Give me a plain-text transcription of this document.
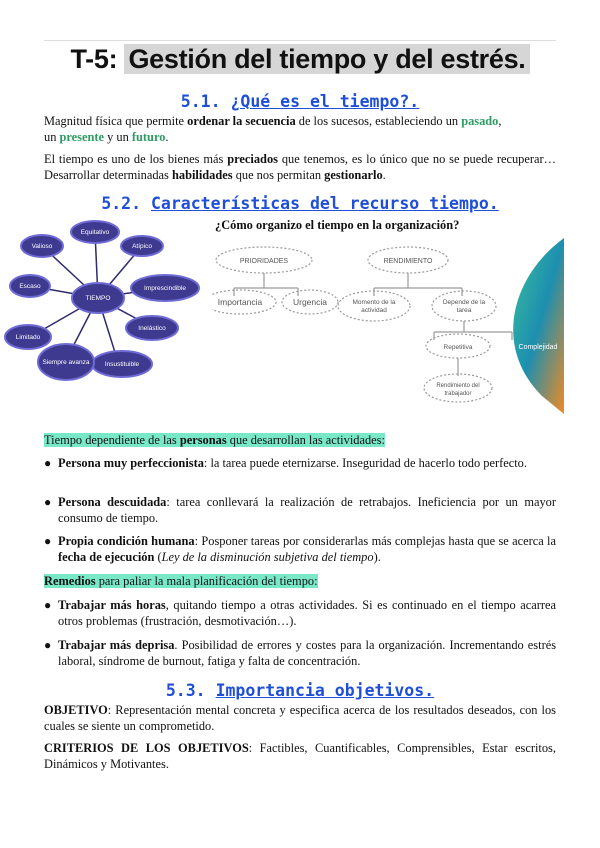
T-5: Gestión del tiempo y del estrés.
5.1. ¿Qué es el tiempo?.
Magnitud física que permite ordenar la secuencia de los sucesos, estableciendo un pasado,
un presente y un futuro.
El tiempo es uno de los bienes más preciados que tenemos, es lo único que no se puede recuperar… Desarrollar determinadas habilidades que nos permitan gestionarlo.
5.2. Características del recurso tiempo.
¿Cómo organizo el tiempo en la organización?
TIEMPO
Equitativo
Atípico
Imprescindible
Inelástico
Insustituible
Siempre avanza
Limitado
Escaso
Valioso
PRIORIDADES
Importancia	Urgencia
RENDIMIENTO
Momento de la
actividad
Depende de la
tarea
Repetitiva	Complejidad
Rendimiento del
trabajador
Tiempo dependiente de las personas que desarrollan las actividades:
● Persona muy perfeccionista: la tarea puede eternizarse. Inseguridad de hacerlo todo perfecto.
● Persona descuidada: tarea conllevará la realización de retrabajos. Ineficiencia por un mayor consumo de tiempo.
● Propia condición humana: Posponer tareas por considerarlas más complejas hasta que se acerca la fecha de ejecución (Ley de la disminución subjetiva del tiempo).
Remedios para paliar la mala planificación del tiempo:
● Trabajar más horas, quitando tiempo a otras actividades. Si es continuado en el tiempo acarrea otros problemas (frustración, desmotivación…).
● Trabajar más deprisa. Posibilidad de errores y costes para la organización. Incrementando estrés laboral, síndrome de burnout, fatiga y falta de concentración.
5.3. Importancia objetivos.
OBJETIVO: Representación mental concreta y especifica acerca de los resultados deseados, con los cuales se siente un comprometido.
CRITERIOS DE LOS OBJETIVOS: Factibles, Cuantificables, Comprensibles, Estar escritos, Dinámicos y Motivantes.
